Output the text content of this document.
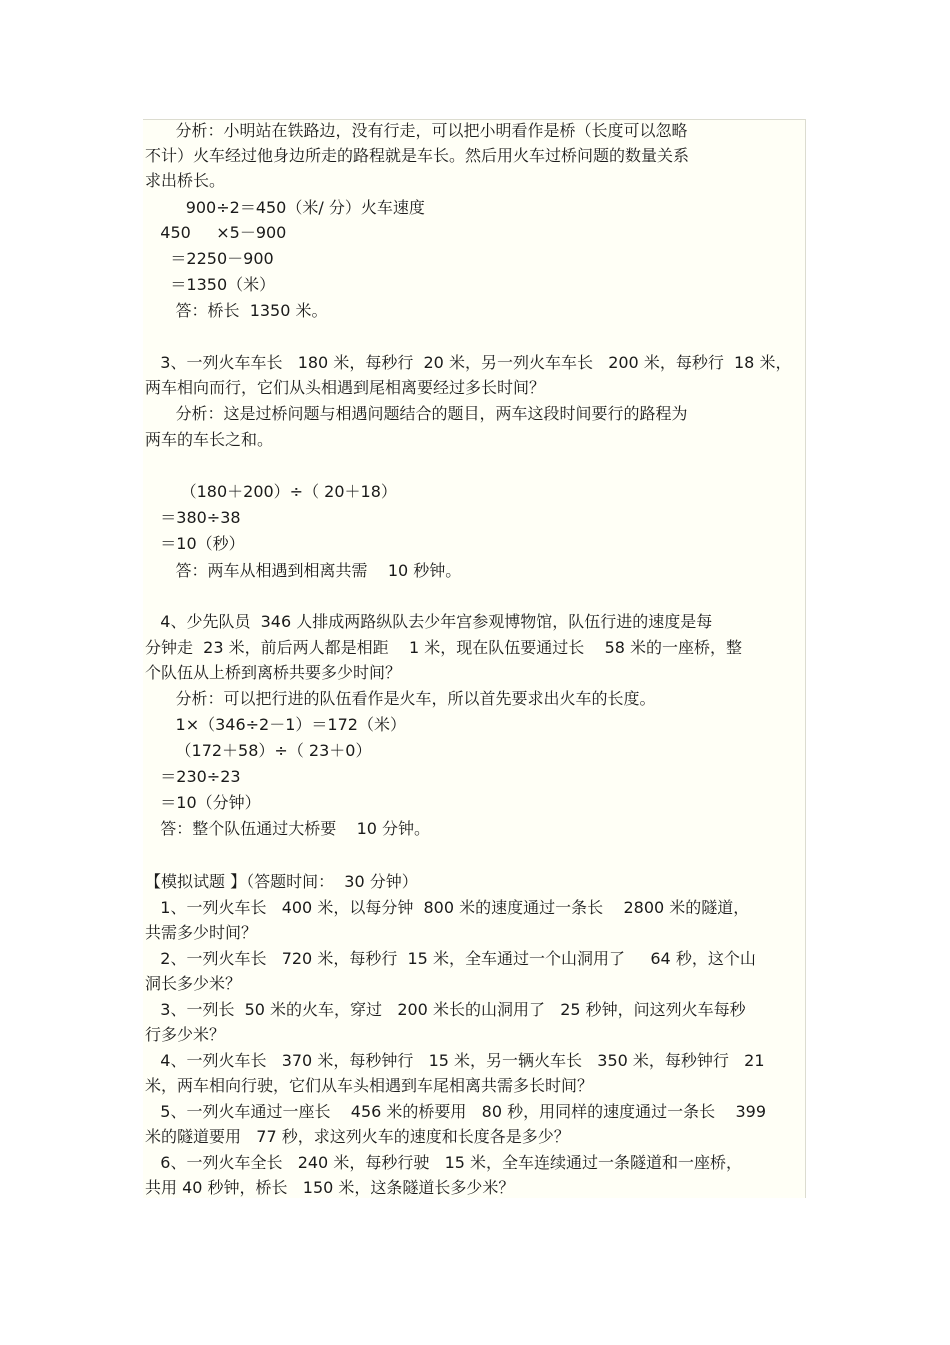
分析：小明站在铁路边，没有行走，可以把小明看作是桥（长度可以忽略
不计）火车经过他身边所走的路程就是车长。然后用火车过桥问题的数量关系
求出桥长。
900÷2＝450（米/ 分）火车速度
450     ×5－900
＝2250－900
＝1350（米）
答：桥长  1350 米。
3、一列火车车长   180 米，每秒行  20 米，另一列火车车长   200 米，每秒行  18 米，
两车相向而行，它们从头相遇到尾相离要经过多长时间？
分析：这是过桥问题与相遇问题结合的题目，两车这段时间要行的路程为
两车的车长之和。
（180＋200）÷（ 20＋18）
＝380÷38
＝10（秒）
答：两车从相遇到相离共需    10 秒钟。
4、少先队员  346 人排成两路纵队去少年宫参观博物馆，队伍行进的速度是每
分钟走  23 米，前后两人都是相距    1 米，现在队伍要通过长    58 米的一座桥，整
个队伍从上桥到离桥共要多少时间？
分析：可以把行进的队伍看作是火车，所以首先要求出火车的长度。
1×（346÷2－1）＝172（米）
（172＋58）÷（ 23＋0）
＝230÷23
＝10（分钟）
答：整个队伍通过大桥要    10 分钟。
【模拟试题 】（答题时间：  30 分钟）
1、一列火车长   400 米，以每分钟  800 米的速度通过一条长    2800 米的隧道，
共需多少时间？
2、一列火车长   720 米，每秒行  15 米，全车通过一个山洞用了     64 秒，这个山
洞长多少米？
3、一列长  50 米的火车，穿过   200 米长的山洞用了   25 秒钟，问这列火车每秒
行多少米？
4、一列火车长   370 米，每秒钟行   15 米，另一辆火车长   350 米，每秒钟行   21
米，两车相向行驶，它们从车头相遇到车尾相离共需多长时间？
5、一列火车通过一座长    456 米的桥要用   80 秒，用同样的速度通过一条长    399
米的隧道要用   77 秒，求这列火车的速度和长度各是多少？
6、一列火车全长   240 米，每秒行驶   15 米，全车连续通过一条隧道和一座桥，
共用 40 秒钟，桥长   150 米，这条隧道长多少米？
